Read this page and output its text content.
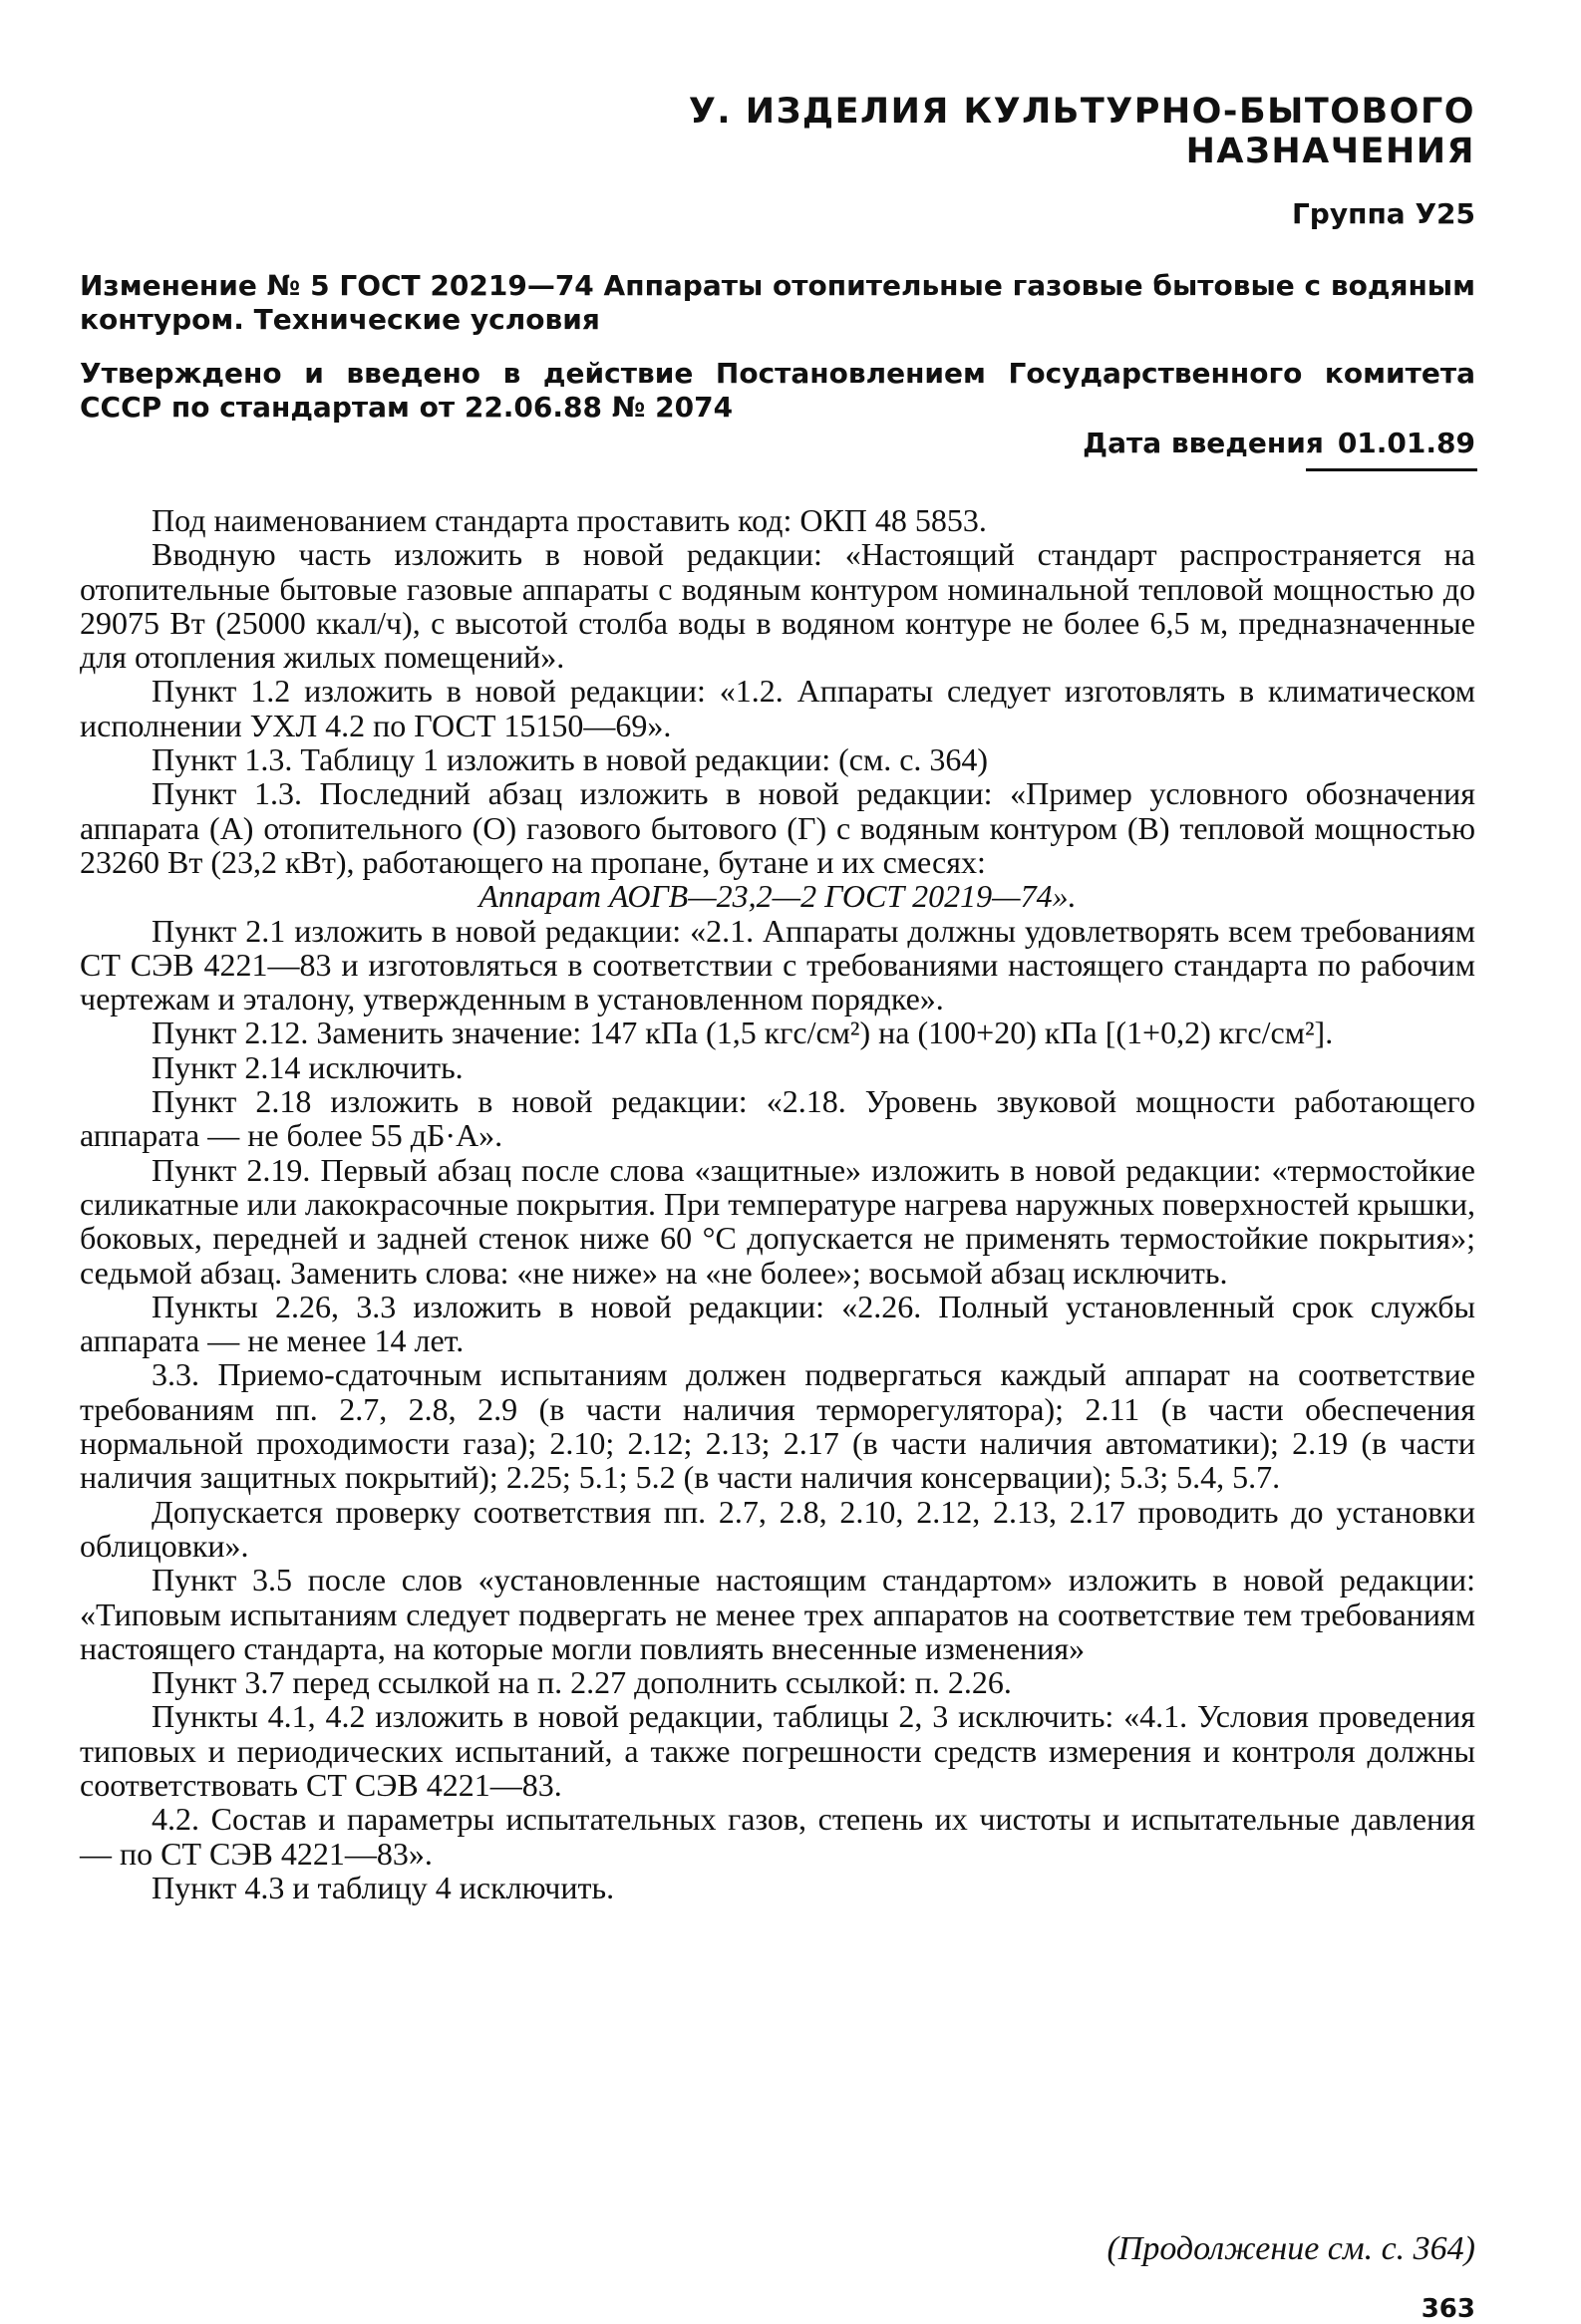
У. ИЗДЕЛИЯ КУЛЬТУРНО-БЫТОВОГО НАЗНАЧЕНИЯ
Группа У25
Изменение № 5 ГОСТ 20219—74 Аппараты отопительные газовые бытовые с водяным контуром. Технические условия
Утверждено и введено в действие Постановлением Государственного комитета СССР по стандартам от 22.06.88 № 2074
Дата введения 01.01.89

Под наименованием стандарта проставить код: ОКП 48 5853.

Вводную часть изложить в новой редакции: «Настоящий стандарт распространяется на отопительные бытовые газовые аппараты с водяным контуром номинальной тепловой мощностью до 29075 Вт (25000 ккал/ч), с высотой столба воды в водяном контуре не более 6,5 м, предназначенные для отопления жилых помещений».

Пункт 1.2 изложить в новой редакции: «1.2. Аппараты следует изготовлять в климатическом исполнении УХЛ 4.2 по ГОСТ 15150—69».

Пункт 1.3. Таблицу 1 изложить в новой редакции: (см. с. 364)

Пункт 1.3. Последний абзац изложить в новой редакции: «Пример условного обозначения аппарата (А) отопительного (О) газового бытового (Г) с водяным контуром (В) тепловой мощностью 23260 Вт (23,2 кВт), работающего на пропане, бутане и их смесях:

Аппарат АОГВ—23,2—2 ГОСТ 20219—74».

Пункт 2.1 изложить в новой редакции: «2.1. Аппараты должны удовлетворять всем требованиям СТ СЭВ 4221—83 и изготовляться в соответствии с требованиями настоящего стандарта по рабочим чертежам и эталону, утвержденным в установленном порядке».

Пункт 2.12. Заменить значение: 147 кПа (1,5 кгс/см²) на (100+20) кПа [(1+0,2) кгс/см²].

Пункт 2.14 исключить.

Пункт 2.18 изложить в новой редакции: «2.18. Уровень звуковой мощности работающего аппарата — не более 55 дБ·А».

Пункт 2.19. Первый абзац после слова «защитные» изложить в новой редакции: «термостойкие силикатные или лакокрасочные покрытия. При температуре нагрева наружных поверхностей крышки, боковых, передней и задней стенок ниже 60 °С допускается не применять термостойкие покрытия»; седьмой абзац. Заменить слова: «не ниже» на «не более»; восьмой абзац исключить.

Пункты 2.26, 3.3 изложить в новой редакции: «2.26. Полный установленный срок службы аппарата — не менее 14 лет.

3.3. Приемо-сдаточным испытаниям должен подвергаться каждый аппарат на соответствие требованиям пп. 2.7, 2.8, 2.9 (в части наличия терморегулятора); 2.11 (в части обеспечения нормальной проходимости газа); 2.10; 2.12; 2.13; 2.17 (в части наличия автоматики); 2.19 (в части наличия защитных покрытий); 2.25; 5.1; 5.2 (в части наличия консервации); 5.3; 5.4, 5.7.

Допускается проверку соответствия пп. 2.7, 2.8, 2.10, 2.12, 2.13, 2.17 проводить до установки облицовки».

Пункт 3.5 после слов «установленные настоящим стандартом» изложить в новой редакции: «Типовым испытаниям следует подвергать не менее трех аппаратов на соответствие тем требованиям настоящего стандарта, на которые могли повлиять внесенные изменения»

Пункт 3.7 перед ссылкой на п. 2.27 дополнить ссылкой: п. 2.26.

Пункты 4.1, 4.2 изложить в новой редакции, таблицы 2, 3 исключить: «4.1. Условия проведения типовых и периодических испытаний, а также погрешности средств измерения и контроля должны соответствовать СТ СЭВ 4221—83.

4.2. Состав и параметры испытательных газов, степень их чистоты и испытательные давления — по СТ СЭВ 4221—83».

Пункт 4.3 и таблицу 4 исключить.

(Продолжение см. с. 364)
363
